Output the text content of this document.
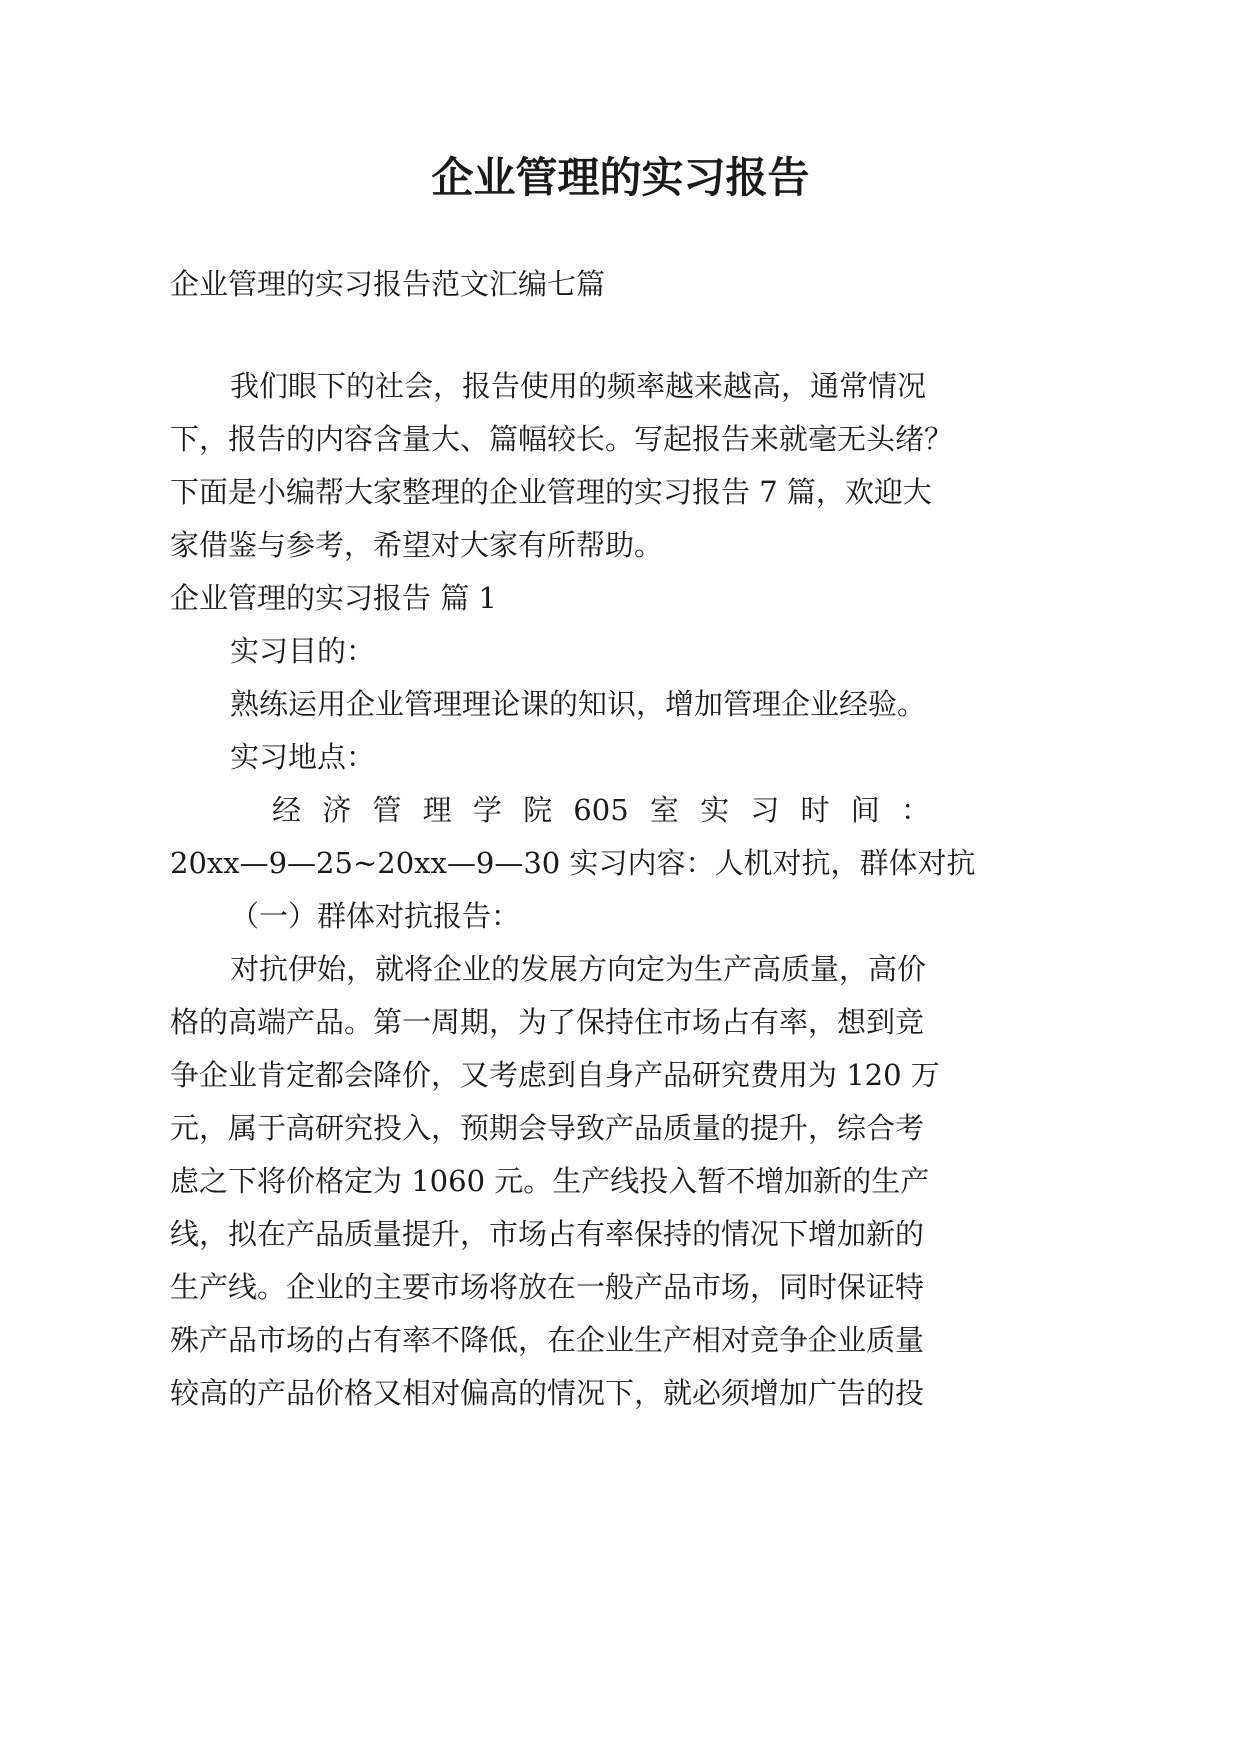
企业管理的实习报告

企业管理的实习报告范文汇编七篇

我们眼下的社会，报告使用的频率越来越高，通常情况

下，报告的内容含量大、篇幅较长。写起报告来就毫无头绪？

下面是小编帮大家整理的企业管理的实习报告 7 篇，欢迎大

家借鉴与参考，希望对大家有所帮助。

企业管理的实习报告 篇 1

实习目的：

熟练运用企业管理理论课的知识，增加管理企业经验。

实习地点：

经 济 管 理 学 院 605 室 实 习 时 间 ：

20xx—9—25~20xx—9—30 实习内容：人机对抗，群体对抗

（一）群体对抗报告：

对抗伊始，就将企业的发展方向定为生产高质量，高价

格的高端产品。第一周期，为了保持住市场占有率，想到竞

争企业肯定都会降价，又考虑到自身产品研究费用为 120 万

元，属于高研究投入，预期会导致产品质量的提升，综合考

虑之下将价格定为 1060 元。生产线投入暂不增加新的生产

线，拟在产品质量提升，市场占有率保持的情况下增加新的

生产线。企业的主要市场将放在一般产品市场，同时保证特

殊产品市场的占有率不降低，在企业生产相对竞争企业质量

较高的产品价格又相对偏高的情况下，就必须增加广告的投
